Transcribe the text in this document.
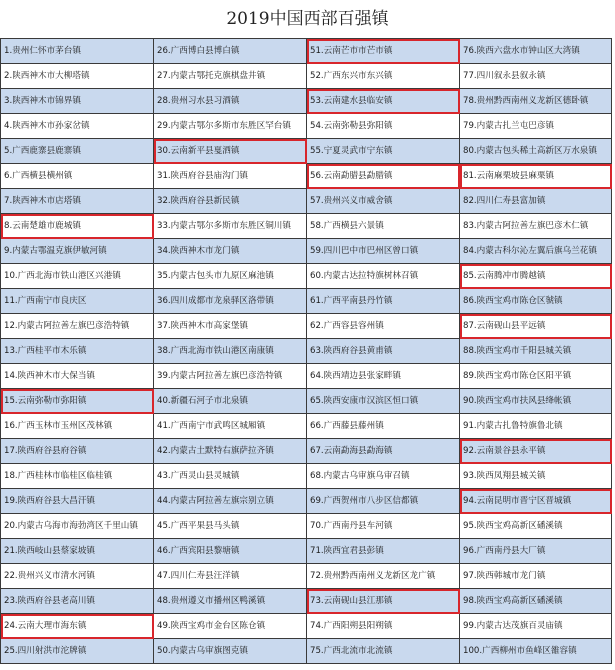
2019中国西部百强镇
1.贵州仁怀市茅台镇	26.广西博白县博白镇	51.云南芒市市芒市镇	76.陕西六盘水市钟山区大湾镇
2.陕西神木市大柳塔镇	27.内蒙古鄂托克旗棋盘井镇	52.广西东兴市东兴镇	77.四川叙永县叙永镇
3.陕西神木市锦界镇	28.贵州习水县习酒镇	53.云南建水县临安镇	78.贵州黔西南州义龙新区德卧镇
4.陕西神木市孙家岔镇	29.内蒙古鄂尔多斯市东胜区罕台镇	54.云南弥勒县弥阳镇	79.内蒙古扎兰屯巴彦镇
5.广西鹿寨县鹿寨镇	30.云南新平县戛洒镇	55.宁夏灵武市宁东镇	80.内蒙古包头稀土高新区万水泉镇
6.广西横县横州镇	31.陕西府谷县庙沟门镇	56.云南勐腊县勐腊镇	81.云南麻栗坡县麻栗镇
7.陕西神木市店塔镇	32.陕西府谷县新民镇	57.贵州兴义市威舍镇	82.四川仁寿县富加镇
8.云南楚雄市鹿城镇	33.内蒙古鄂尔多斯市东胜区铜川镇	58.广西横县六景镇	83.内蒙古阿拉善左旗巴彦木仁镇
9.内蒙古鄂温克旗伊敏河镇	34.陕西神木市龙门镇	59.四川巴中市巴州区曾口镇	84.内蒙古科尔沁左翼后旗乌兰花镇
10.广西北海市铁山港区兴港镇	35.内蒙古包头市九原区麻池镇	60.内蒙古达拉特旗树林召镇	85.云南腾冲市腾越镇
11.广西南宁市良庆区	36.四川成都市龙泉驿区洛带镇	61.广西平南县丹竹镇	86.陕西宝鸡市陈仓区虢镇
12.内蒙古阿拉善左旗巴彦浩特镇	37.陕西神木市高家堡镇	62.广西容县容州镇	87.云南砚山县平远镇
13.广西桂平市木乐镇	38.广西北海市铁山港区南康镇	63.陕西府谷县黄甫镇	88.陕西宝鸡市千阳县城关镇
14.陕西神木市大保当镇	39.内蒙古阿拉善左旗巴彦浩特镇	64.陕西靖边县张家畔镇	89.陕西宝鸡市陈仓区阳平镇
15.云南弥勒市弥阳镇	40.新疆石河子市北泉镇	65.陕西安康市汉滨区恒口镇	90.陕西宝鸡市扶风县绛帐镇
16.广西玉林市玉州区茂林镇	41.广西南宁市武鸣区城厢镇	66.广西藤县藤州镇	91.内蒙古扎鲁特旗鲁北镇
17.陕西府谷县府谷镇	42.内蒙古土默特右旗萨拉齐镇	67.云南勐海县勐海镇	92.云南景谷县永平镇
18.广西桂林市临桂区临桂镇	43.广西灵山县灵城镇	68.内蒙古乌审旗乌审召镇	93.陕西凤翔县城关镇
19.陕西府谷县大昌汗镇	44.内蒙古阿拉善左旗宗别立镇	69.广西贺州市八步区信都镇	94.云南昆明市晋宁区晋城镇
20.内蒙古乌海市海勃湾区千里山镇	45.广西平果县马头镇	70.广西南丹县车河镇	95.陕西宝鸡高新区磻溪镇
21.陕西岐山县蔡家坡镇	46.广西宾阳县黎塘镇	71.陕西宜君县彭镇	96.广西南丹县大厂镇
22.贵州兴义市清水河镇	47.四川仁寿县汪洋镇	72.贵州黔西南州义龙新区龙广镇	97.陕西韩城市龙门镇
23.陕西府谷县老高川镇	48.贵州遵义市播州区鸭溪镇	73.云南砚山县江那镇	98.陕西宝鸡高新区磻溪镇
24.云南大理市海东镇	49.陕西宝鸡市金台区陈仓镇	74.广西阳朔县阳朔镇	99.内蒙古达茂旗百灵庙镇
25.四川射洪市沱牌镇	50.内蒙古乌审旗图克镇	75.广西北流市北流镇	100.广西柳州市鱼峰区雒容镇
